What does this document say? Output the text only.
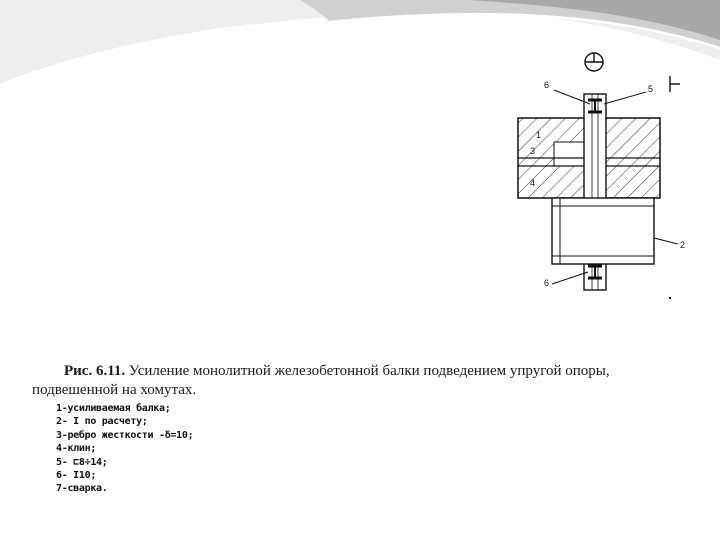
1
3
4
6	5
2
6
Рис. 6.11. Усиление монолитной железобетонной балки подведением упругой опоры, подвешенной на хомутах.
1-усиливаемая балка;
2- I по расчету;
3-ребро жесткости -δ=10;
4-клин;
5- ⊏8÷14;
6- I10;
7-сварка.
